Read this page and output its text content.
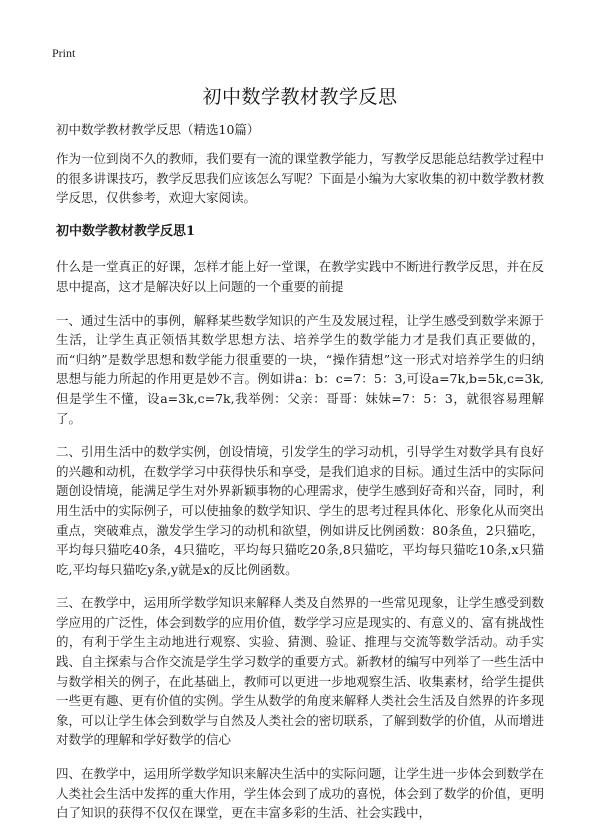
Print
初中数学教材教学反思

初中数学教材教学反思（精选10篇）

作为一位到岗不久的教师，我们要有一流的课堂教学能力，写教学反思能总结教学过程中的很多讲课技巧，教学反思我们应该怎么写呢？下面是小编为大家收集的初中数学教材教学反思，仅供参考，欢迎大家阅读。

初中数学教材教学反思1

什么是一堂真正的好课，怎样才能上好一堂课，在教学实践中不断进行教学反思，并在反思中提高，这才是解决好以上问题的一个重要的前提

一、通过生活中的事例，解释某些数学知识的产生及发展过程，让学生感受到数学来源于生活，让学生真正领悟其数学思想方法、培养学生的数学能力才是我们真正要做的，而“归纳”是数学思想和数学能力很重要的一块，“操作猜想”这一形式对培养学生的归纳思想与能力所起的作用更是妙不言。例如讲a：b：c=7：5：3,可设a=7k,b=5k,c=3k,但是学生不懂，设a=3k,c=7k,我举例：父亲：哥哥：妹妹=7：5：3，就很容易理解了。

二、引用生活中的数学实例，创设情境，引发学生的学习动机，引导学生对数学具有良好的兴趣和动机，在数学学习中获得快乐和享受，是我们追求的目标。通过生活中的实际问题创设情境，能满足学生对外界新颖事物的心理需求，使学生感到好奇和兴奋，同时，利用生活中的实际例子，可以使抽象的数学知识、学生的思考过程具体化、形象化从而突出重点，突破难点，激发学生学习的动机和欲望，例如讲反比例函数：80条鱼，2只猫吃，平均每只猫吃40条，4只猫吃，平均每只猫吃20条,8只猫吃，平均每只猫吃10条,x只猫吃,平均每只猫吃y条,y就是x的反比例函数。

三、在教学中，运用所学数学知识来解释人类及自然界的一些常见现象，让学生感受到数学应用的广泛性，体会到数学的应用价值，数学学习应是现实的、有意义的、富有挑战性的，有利于学生主动地进行观察、实验、猜测、验证、推理与交流等数学活动。动手实践、自主探索与合作交流是学生学习数学的重要方式。新教材的编写中列举了一些生活中与数学相关的例子，在此基础上，教师可以更进一步地观察生活、收集素材，给学生提供一些更有趣、更有价值的实例。学生从数学的角度来解释人类社会生活及自然界的许多现象，可以让学生体会到数学与自然及人类社会的密切联系，了解到数学的价值，从而增进对数学的理解和学好数学的信心

四、在教学中，运用所学数学知识来解决生活中的实际问题，让学生进一步体会到数学在人类社会生活中发挥的重大作用，学生体会到了成功的喜悦，体会到了数学的价值，更明白了知识的获得不仅仅在课堂，更在丰富多彩的生活、社会实践中，
